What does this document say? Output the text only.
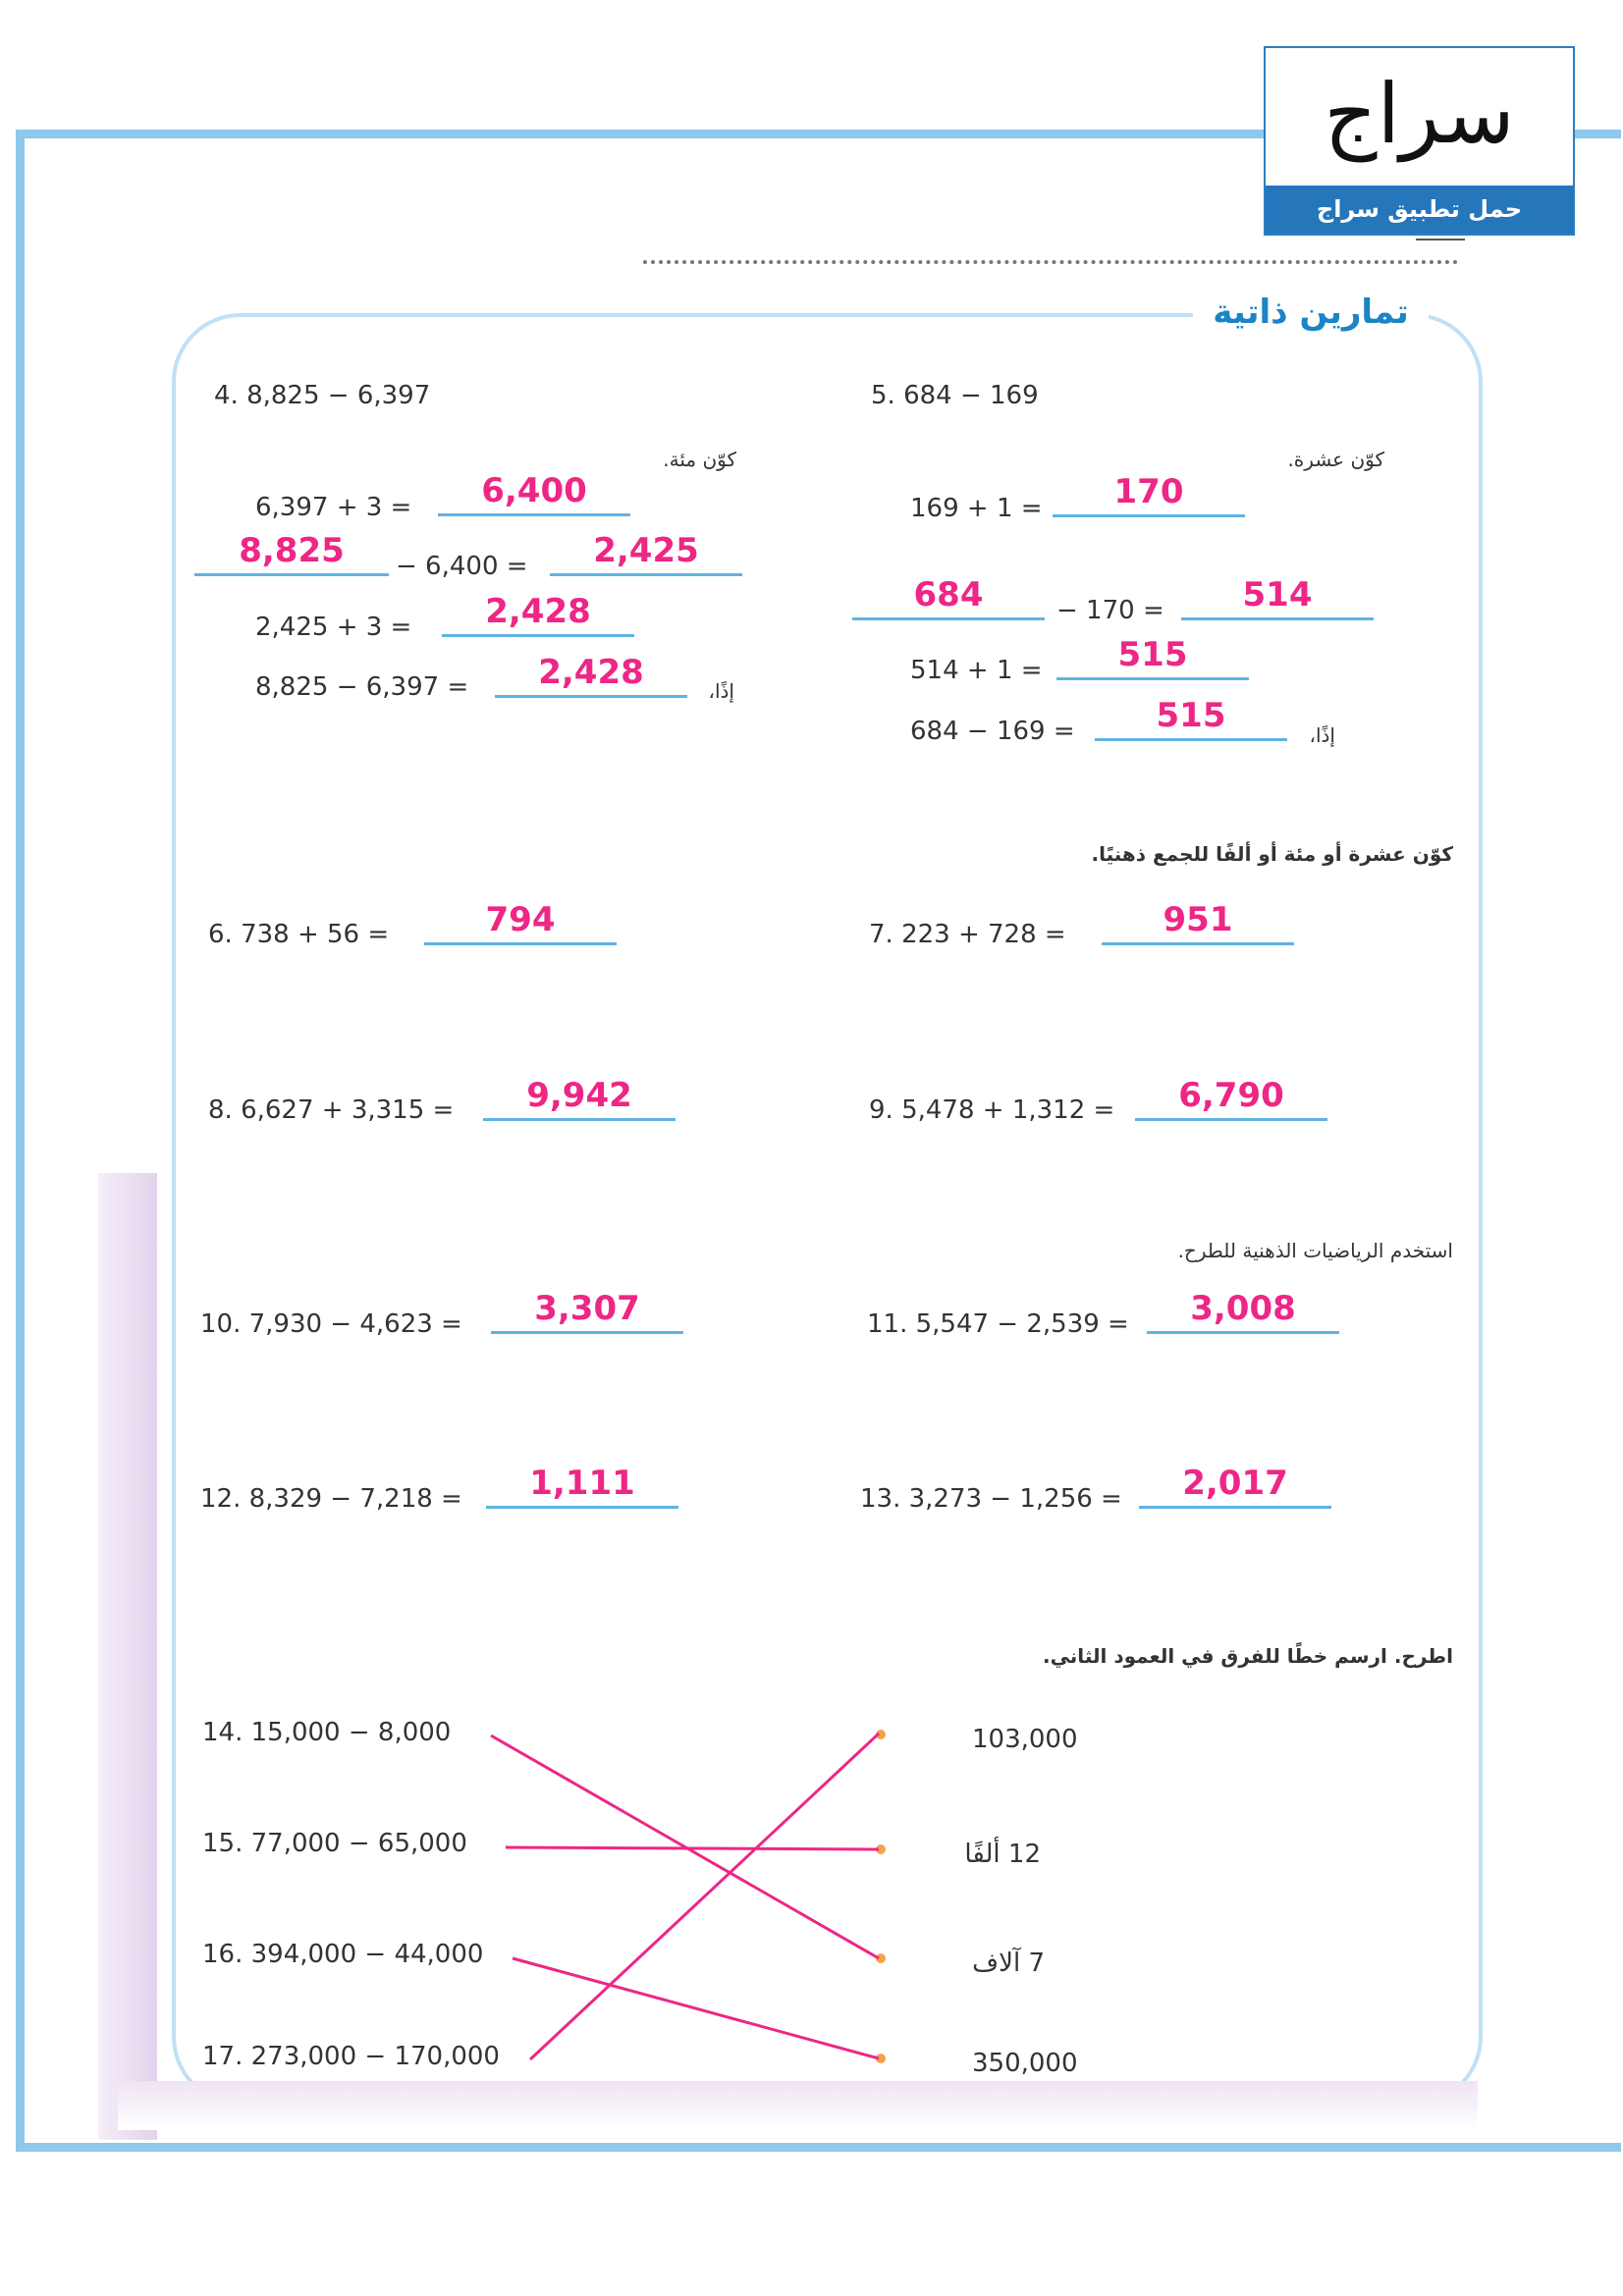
سراج
حمل تطبيق سراج
تمارين ذاتية
4. 8,825 − 6,397
كوّن مئة.
6,397 + 3 =	6,400
8,825	− 6,400 =	2,425
2,425 + 3 =	2,428
8,825 − 6,397 =	2,428	إذًا،
5. 684 − 169
كوّن عشرة.
169 + 1 =	170
684	− 170 =	514
514 + 1 =	515
684 − 169 =	515	إذًا،
كوّن عشرة أو مئة أو ألفًا للجمع ذهنيًا.
6. 738 + 56 =	794	7. 223 + 728 =	951
8. 6,627 + 3,315 =	9,942	9. 5,478 + 1,312 =	6,790
استخدم الرياضيات الذهنية للطرح.
10. 7,930 − 4,623 =	3,307	11. 5,547 − 2,539 =	3,008
12. 8,329 − 7,218 =	1,111	13. 3,273 − 1,256 =	2,017
اطرح. ارسم خطًا للفرق في العمود الثاني.
14. 15,000 − 8,000
15. 77,000 − 65,000
16. 394,000 − 44,000
17. 273,000 − 170,000
103,000
12 ألفًا
7 آلاف
350,000
